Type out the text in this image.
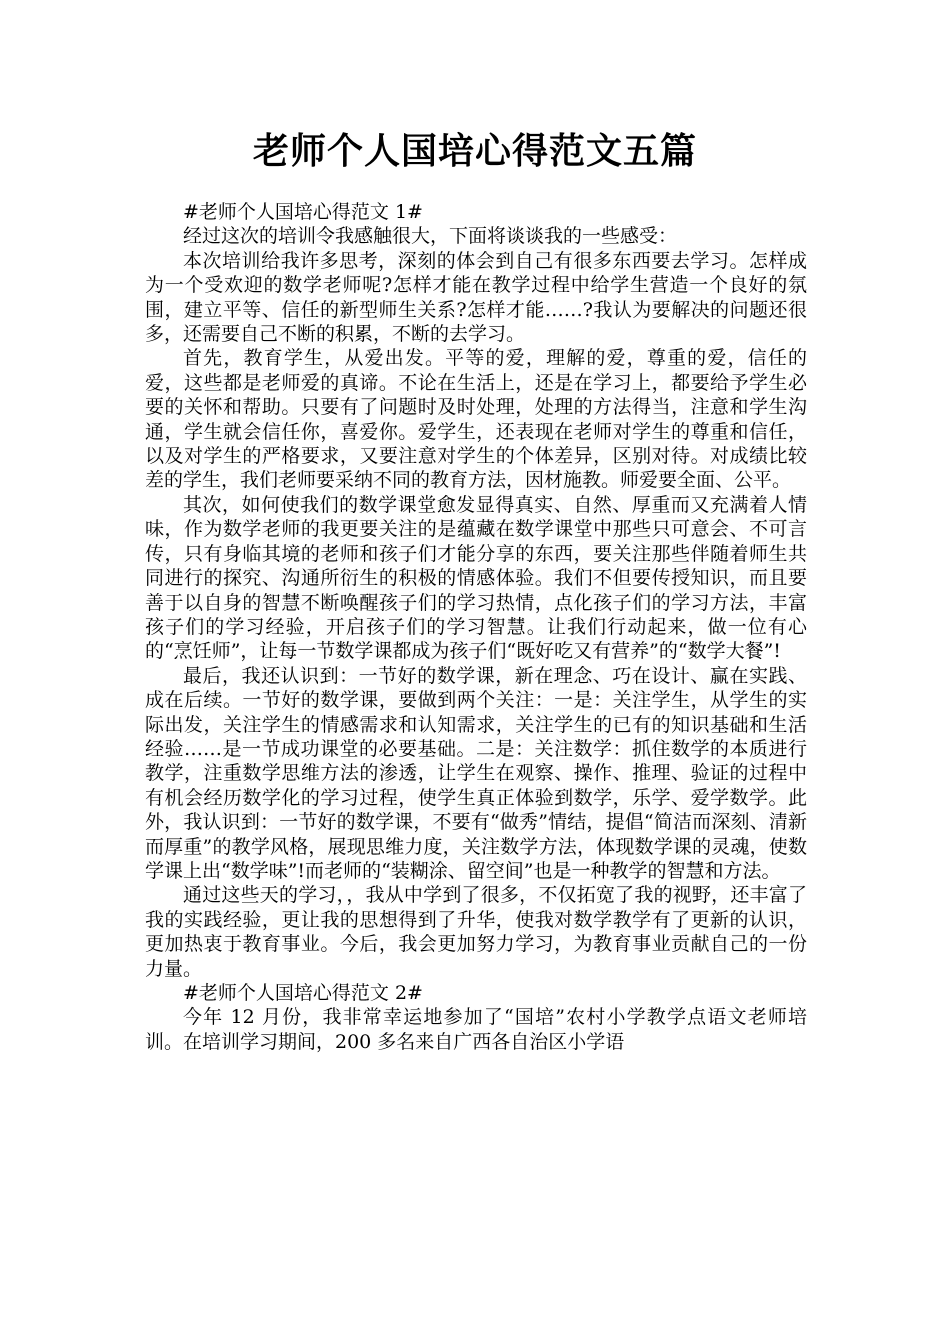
老师个人国培心得范文五篇

#老师个人国培心得范文 1#

经过这次的培训令我感触很大，下面将谈谈我的一些感受：

本次培训给我许多思考，深刻的体会到自己有很多东西要去学习。怎样成为一个受欢迎的数学老师呢?怎样才能在教学过程中给学生营造一个良好的氛围，建立平等、信任的新型师生关系?怎样才能……?我认为要解决的问题还很多，还需要自己不断的积累，不断的去学习。

首先，教育学生，从爱出发。平等的爱，理解的爱，尊重的爱，信任的爱，这些都是老师爱的真谛。不论在生活上，还是在学习上，都要给予学生必要的关怀和帮助。只要有了问题时及时处理，处理的方法得当，注意和学生沟通，学生就会信任你，喜爱你。爱学生，还表现在老师对学生的尊重和信任，以及对学生的严格要求，又要注意对学生的个体差异，区别对待。对成绩比较差的学生，我们老师要采纳不同的教育方法，因材施教。师爱要全面、公平。

其次，如何使我们的数学课堂愈发显得真实、自然、厚重而又充满着人情味，作为数学老师的我更要关注的是蕴藏在数学课堂中那些只可意会、不可言传，只有身临其境的老师和孩子们才能分享的东西，要关注那些伴随着师生共同进行的探究、沟通所衍生的积极的情感体验。我们不但要传授知识，而且要善于以自身的智慧不断唤醒孩子们的学习热情，点化孩子们的学习方法，丰富孩子们的学习经验，开启孩子们的学习智慧。让我们行动起来，做一位有心的“烹饪师”，让每一节数学课都成为孩子们“既好吃又有营养”的“数学大餐”!

最后，我还认识到：一节好的数学课，新在理念、巧在设计、赢在实践、成在后续。一节好的数学课，要做到两个关注：一是：关注学生，从学生的实际出发，关注学生的情感需求和认知需求，关注学生的已有的知识基础和生活经验……是一节成功课堂的必要基础。二是：关注数学：抓住数学的本质进行教学，注重数学思维方法的渗透，让学生在观察、操作、推理、验证的过程中有机会经历数学化的学习过程，使学生真正体验到数学，乐学、爱学数学。此外，我认识到：一节好的数学课，不要有“做秀”情结，提倡“简洁而深刻、清新而厚重”的教学风格，展现思维力度，关注数学方法，体现数学课的灵魂，使数学课上出“数学味”!而老师的“装糊涂、留空间”也是一种教学的智慧和方法。

通过这些天的学习，，我从中学到了很多，不仅拓宽了我的视野，还丰富了我的实践经验，更让我的思想得到了升华，使我对数学教学有了更新的认识，更加热衷于教育事业。今后，我会更加努力学习，为教育事业贡献自己的一份力量。

#老师个人国培心得范文 2#

今年 12 月份，我非常幸运地参加了“国培”农村小学教学点语文老师培训。在培训学习期间，200 多名来自广西各自治区小学语
